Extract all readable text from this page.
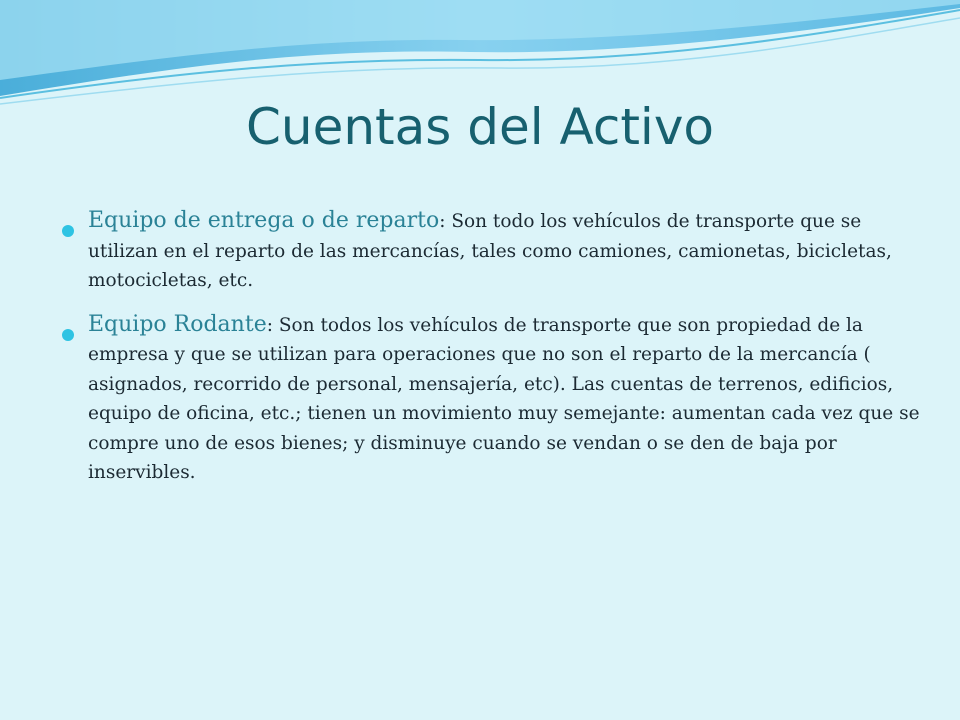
Cuentas del Activo
Equipo de entrega o de reparto: Son todo los vehículos de transporte que se utilizan en el reparto de las mercancías, tales como camiones, camionetas, bicicletas, motocicletas, etc.
Equipo Rodante: Son todos los vehículos de transporte que son propiedad de la empresa y que se utilizan para operaciones que no son el reparto de la mercancía ( asignados, recorrido de personal, mensajería, etc). Las cuentas de terrenos, edificios, equipo de oficina, etc.; tienen un movimiento muy semejante: aumentan cada vez que se compre uno de esos bienes; y disminuye cuando se vendan o se den de baja por inservibles.
